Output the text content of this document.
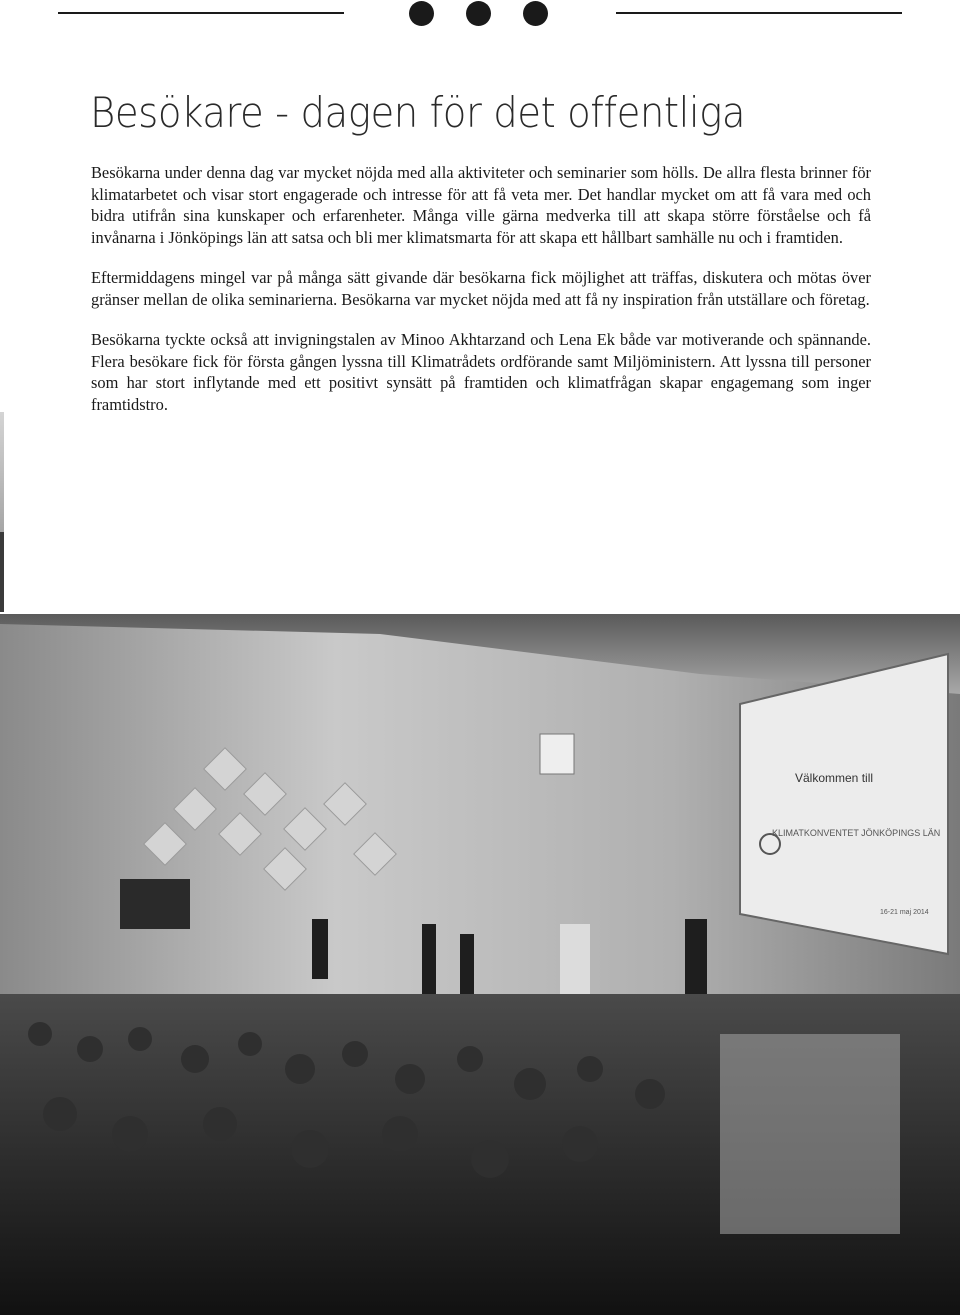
Besökare - dagen för det offentliga

Besökarna under denna dag var mycket nöjda med alla aktiviteter och seminarier som hölls. De allra flesta brinner för klimatarbetet och visar stort engagerade och intresse för att få veta mer. Det handlar mycket om att få vara med och bidra utifrån sina kunskaper och erfarenheter. Många ville gärna medverka till att skapa större förståelse och få invånarna i Jönköpings län att satsa och bli mer klimatsmarta för att skapa ett hållbart samhälle nu och i framtiden.

Eftermiddagens mingel var på många sätt givande där besökarna fick möjlighet att träffas, diskutera och mötas över gränser mellan de olika seminarierna. Besökarna var mycket nöjda med att få ny inspiration från utställare och företag.

Besökarna tyckte också att invigningstalen av Minoo Akhtarzand och Lena Ek både var motiverande och spännande. Flera besökare fick för första gången lyssna till Klimatrådets ordförande samt Miljöministern. Att lyssna till personer som har stort inflytande med ett positivt synsätt på framtiden och klimatfrågan skapar engagemang som inger framtidstro.

Välkommen till
KLIMATKONVENTET JÖNKÖPINGS LÄN
16-21 maj 2014
